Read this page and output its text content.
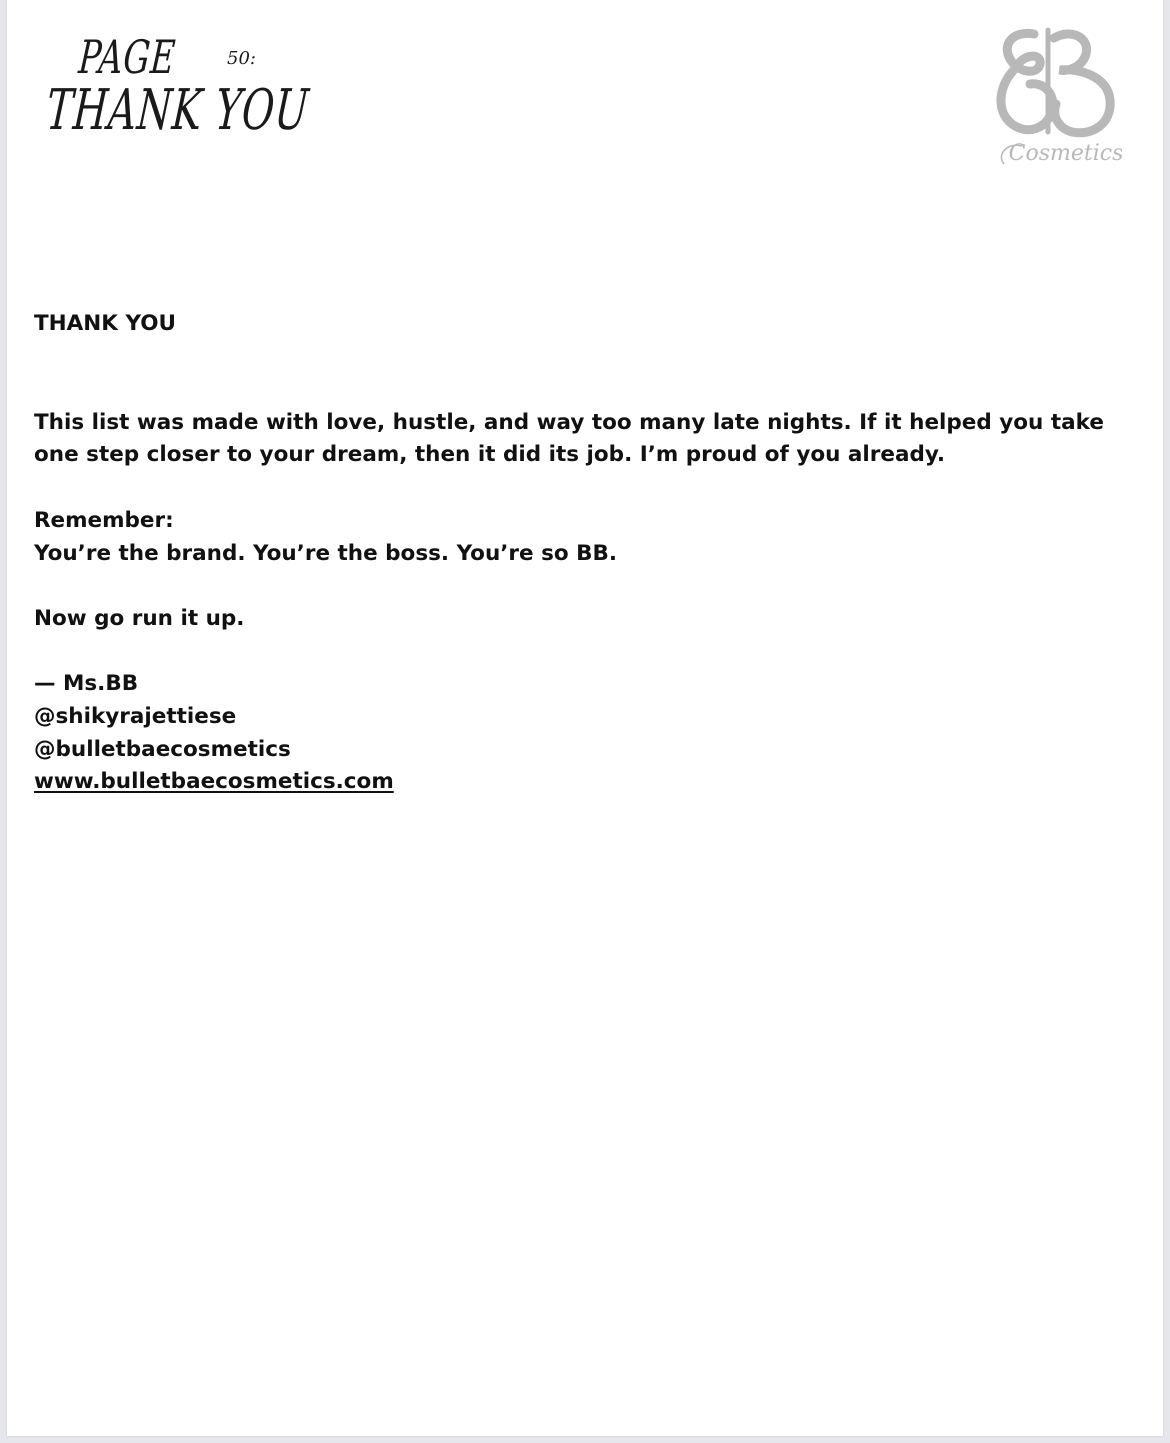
PAGE	50:
THANK YOU
Cosmetics

THANK YOU

This list was made with love, hustle, and way too many late nights. If it helped you take one step closer to your dream, then it did its job. I’m proud of you already.

Remember:

You’re the brand. You’re the boss. You’re so BB.

Now go run it up.

— Ms.BB

@shikyrajettiese

@bulletbaecosmetics

www.bulletbaecosmetics.com
